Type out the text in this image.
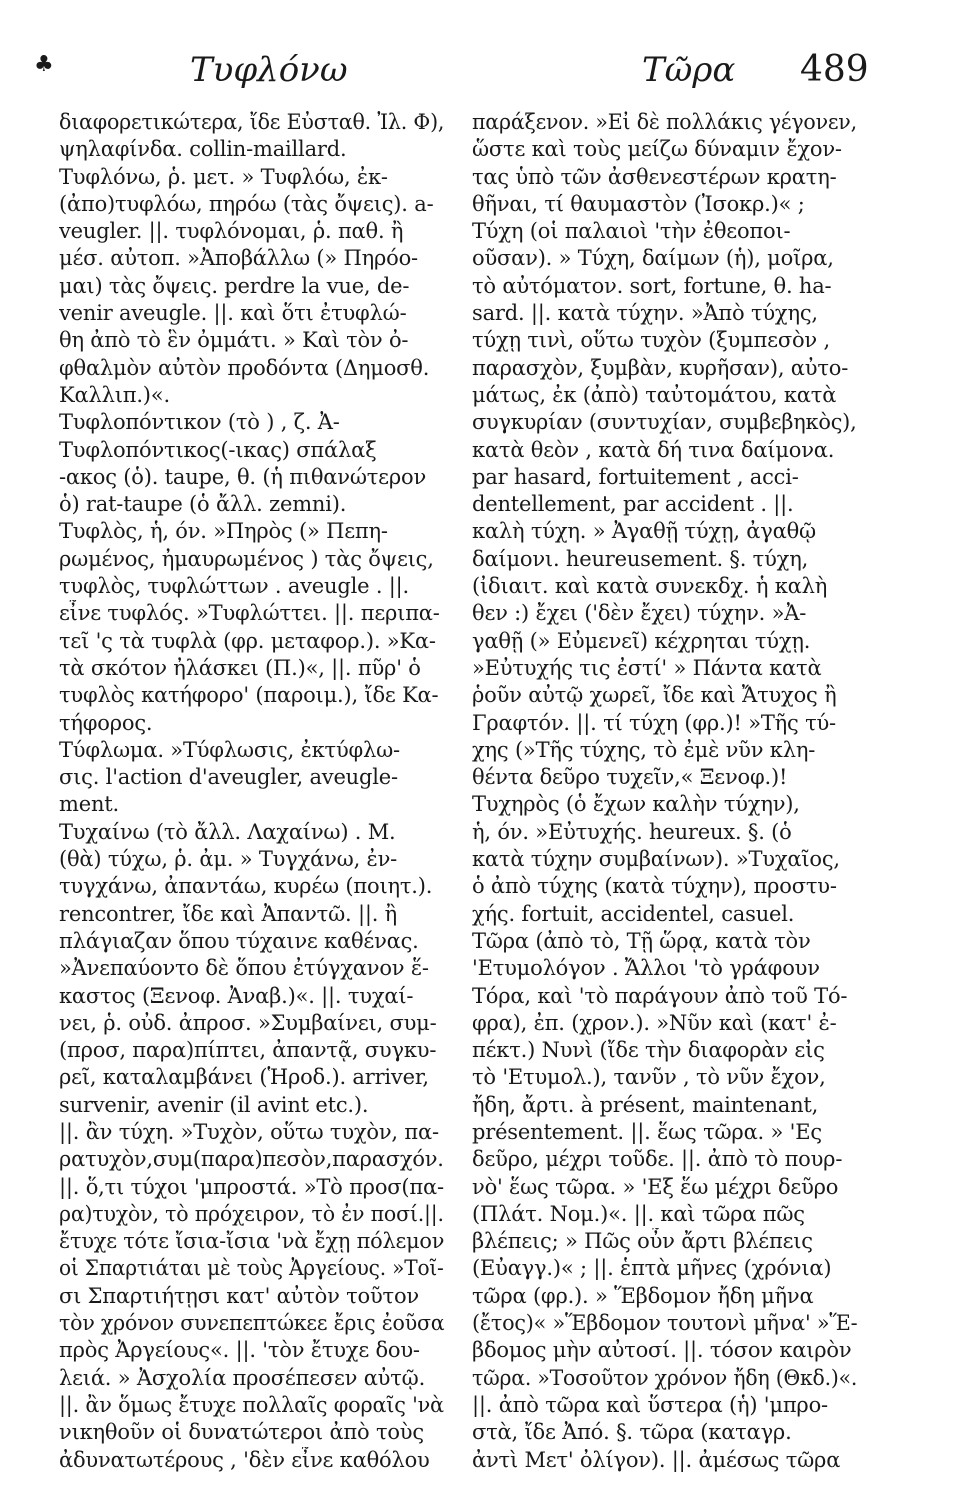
♣	Τυφλόνω	Τῶρα 489
διαφορετικώτερα, ἴδε Εὐσταθ. Ἰλ. Φ),
ψηλαφίνδα. collin-maillard.
Τυφλόνω, ῥ. μετ. » Τυφλόω, ἐκ-
(ἀπο)τυφλόω, πηρόω (τὰς ὄψεις). a-
veugler. ||. τυφλόνομαι, ῥ. παθ. ἢ
μέσ. αὐτοπ. »Ἀποβάλλω (» Πηρόο-
μαι) τὰς ὄψεις. perdre la vue, de-
venir aveugle. ||. καὶ ὅτι ἐτυφλώ-
θη ἀπὸ τὸ ἓν ὀμμάτι. » Καὶ τὸν ὀ-
φθαλμὸν αὐτὸν προδόντα (Δημοσθ.
Καλλιπ.)«.
Τυφλοπόντικον (τὸ ) , ζ. Ἀ-
Τυφλοπόντικος(-ικας) σπάλαξ
-ακος (ὁ). taupe, θ. (ἡ πιθανώτερον
ὁ) rat-taupe (ὁ ἄλλ. zemni).
Τυφλὸς, ἡ, όν. »Πηρὸς (» Πεπη-
ρωμένος, ἠμαυρωμένος ) τὰς ὄψεις,
τυφλὸς, τυφλώττων . aveugle . ||.
εἶνε τυφλός. »Τυφλώττει. ||. περιπα-
τεῖ 'ς τὰ τυφλὰ (φρ. μεταφορ.). »Κα-
τὰ σκότον ἠλάσκει (Π.)«, ||. πῦρ' ὁ
τυφλὸς κατήφορο' (παροιμ.), ἴδε Κα-
τήφορος.
Τύφλωμα. »Τύφλωσις, ἐκτύφλω-
σις. l'action d'aveugler, aveugle-
ment.
Τυχαίνω (τὸ ἄλλ. Λαχαίνω) . Μ.
(θὰ) τύχω, ῥ. ἀμ. » Τυγχάνω, ἐν-
τυγχάνω, ἀπαντάω, κυρέω (ποιητ.).
rencontrer, ἴδε καὶ Ἀπαντῶ. ||. ἢ
πλάγιαζαν ὅπου τύχαινε καθένας.
»Ἀνεπαύοντο δὲ ὅπου ἐτύγχανον ἕ-
καστος (Ξενοφ. Ἀναβ.)«. ||. τυχαί-
νει, ῥ. οὐδ. ἀπροσ. »Συμβαίνει, συμ-
(προσ, παρα)πίπτει, ἀπαντᾷ, συγκυ-
ρεῖ, καταλαμβάνει (Ἡροδ.). arriver,
survenir, avenir (il avint etc.).
||. ἂν τύχη. »Τυχὸν, οὕτω τυχὸν, πα-
ρατυχὸν,συμ(παρα)πεσὸν,παρασχόν.
||. ὅ,τι τύχοι 'μπροστά. »Τὸ προσ(πα-
ρα)τυχὸν, τὸ πρόχειρον, τὸ ἐν ποσί.||.
ἔτυχε τότε ἴσια-ἴσια 'νὰ ἔχῃ πόλεμον
οἱ Σπαρτιάται μὲ τοὺς Ἀργείους. »Τοῖ-
σι Σπαρτιήτῃσι κατ' αὐτὸν τοῦτον
τὸν χρόνον συνεπεπτώκεε ἔρις ἐοῦσα
πρὸς Ἀργείους«. ||. 'τὸν ἔτυχε δου-
λειά. » Ἀσχολία προσέπεσεν αὐτῷ.
||. ἂν ὅμως ἔτυχε πολλαῖς φοραῖς 'νὰ
νικηθοῦν οἱ δυνατώτεροι ἀπὸ τοὺς
ἀδυνατωτέρους , 'δὲν εἶνε καθόλου
παράξενον. »Εἰ δὲ πολλάκις γέγονεν,
ὥστε καὶ τοὺς μείζω δύναμιν ἔχον-
τας ὑπὸ τῶν ἀσθενεστέρων κρατη-
θῆναι, τί θαυμαστὸν (Ἰσοκρ.)« ;
Τύχη (οἱ παλαιοὶ 'τὴν ἐθεοποι-
οῦσαν). » Τύχη, δαίμων (ἡ), μοῖρα,
τὸ αὐτόματον. sort, fortune, θ. ha-
sard. ||. κατὰ τύχην. »Ἀπὸ τύχης,
τύχῃ τινὶ, οὕτω τυχὸν (ξυμπεσὸν ,
παρασχὸν, ξυμβὰν, κυρῆσαν), αὐτο-
μάτως, ἐκ (ἀπὸ) ταὐτομάτου, κατὰ
συγκυρίαν (συντυχίαν, συμβεβηκὸς),
κατὰ θεὸν , κατὰ δή τινα δαίμονα.
par hasard, fortuitement , acci-
dentellement, par accident . ||.
καλὴ τύχη. » Ἀγαθῇ τύχῃ, ἀγαθῷ
δαίμονι. heureusement. §. τύχη,
(ἰδιαιτ. καὶ κατὰ συνεκδχ. ἡ καλὴ
θεν :) ἔχει ('δὲν ἔχει) τύχην. »Ἀ-
γαθῇ (» Εὐμενεῖ) κέχρηται τύχῃ.
»Εὐτυχής τις ἐστί' » Πάντα κατὰ
ῥοῦν αὐτῷ χωρεῖ, ἴδε καὶ Ἄτυχος ἢ
Γραφτόν. ||. τί τύχη (φρ.)! »Τῆς τύ-
χης (»Τῆς τύχης, τὸ ἐμὲ νῦν κλη-
θέντα δεῦρο τυχεῖν,« Ξενοφ.)!
Τυχηρὸς (ὁ ἔχων καλὴν τύχην),
ἡ, όν. »Εὐτυχής. heureux. §. (ὁ
κατὰ τύχην συμβαίνων). »Τυχαῖος,
ὁ ἀπὸ τύχης (κατὰ τύχην), προστυ-
χής. fortuit, accidentel, casuel.
Τῶρα (ἀπὸ τὸ, Τῇ ὥρᾳ, κατὰ τὸν
'Ετυμολόγον . Ἄλλοι 'τὸ γράφουν
Τόρα, καὶ 'τὸ παράγουν ἀπὸ τοῦ Τό-
φρα), ἐπ. (χρον.). »Νῦν καὶ (κατ' ἐ-
πέκτ.) Νυνὶ (ἴδε τὴν διαφορὰν εἰς
τὸ 'Ετυμολ.), τανῦν , τὸ νῦν ἔχον,
ἤδη, ἄρτι. à présent, maintenant,
présentement. ||. ἕως τῶρα. » 'Ες
δεῦρο, μέχρι τοῦδε. ||. ἀπὸ τὸ πουρ-
νὸ' ἕως τῶρα. » 'Εξ ἕω μέχρι δεῦρο
(Πλάτ. Νομ.)«. ||. καὶ τῶρα πῶς
βλέπεις; » Πῶς οὖν ἄρτι βλέπεις
(Εὐαγγ.)« ; ||. ἑπτὰ μῆνες (χρόνια)
τῶρα (φρ.). » Ἕβδομον ἤδη μῆνα
(ἔτος)« »Ἕβδομον τουτονὶ μῆνα' »Ἕ-
βδομος μὴν αὐτοσί. ||. τόσον καιρὸν
τῶρα. »Τοσοῦτον χρόνον ἤδη (Θκδ.)«.
||. ἀπὸ τῶρα καὶ ὕστερα (ἡ) 'μπρο-
στὰ, ἴδε Ἀπό. §. τῶρα (καταγρ.
ἀντὶ Μετ' ὀλίγον). ||. ἀμέσως τῶρα
